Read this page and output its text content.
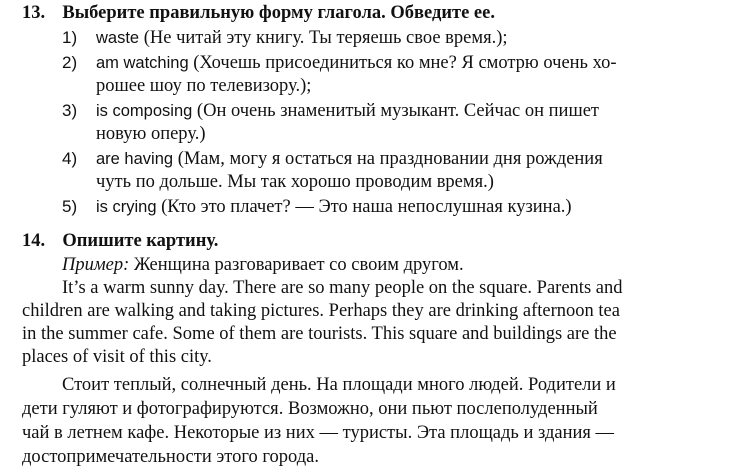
13. Выберите правильную форму глагола. Обведите ее.
1) waste (Не читай эту книгу. Ты теряешь свое время.);
2) am watching (Хочешь присоединиться ко мне? Я смотрю очень хо-
рошее шоу по телевизору.);
3) is composing (Он очень знаменитый музыкант. Сейчас он пишет
новую оперу.)
4) are having (Мам, могу я остаться на праздновании дня рождения
чуть по дольше. Мы так хорошо проводим время.)
5) is crying (Кто это плачет? — Это наша непослушная кузина.)
14. Опишите картину.
Пример: Женщина разговаривает со своим другом.
It’s a warm sunny day. There are so many people on the square. Parents and
children are walking and taking pictures. Perhaps they are drinking afternoon tea
in the summer cafe. Some of them are tourists. This square and buildings are the
places of visit of this city.
Стоит теплый, солнечный день. На площади много людей. Родители и
дети гуляют и фотографируются. Возможно, они пьют послеполуденный
чай в летнем кафе. Некоторые из них — туристы. Эта площадь и здания —
достопримечательности этого города.
